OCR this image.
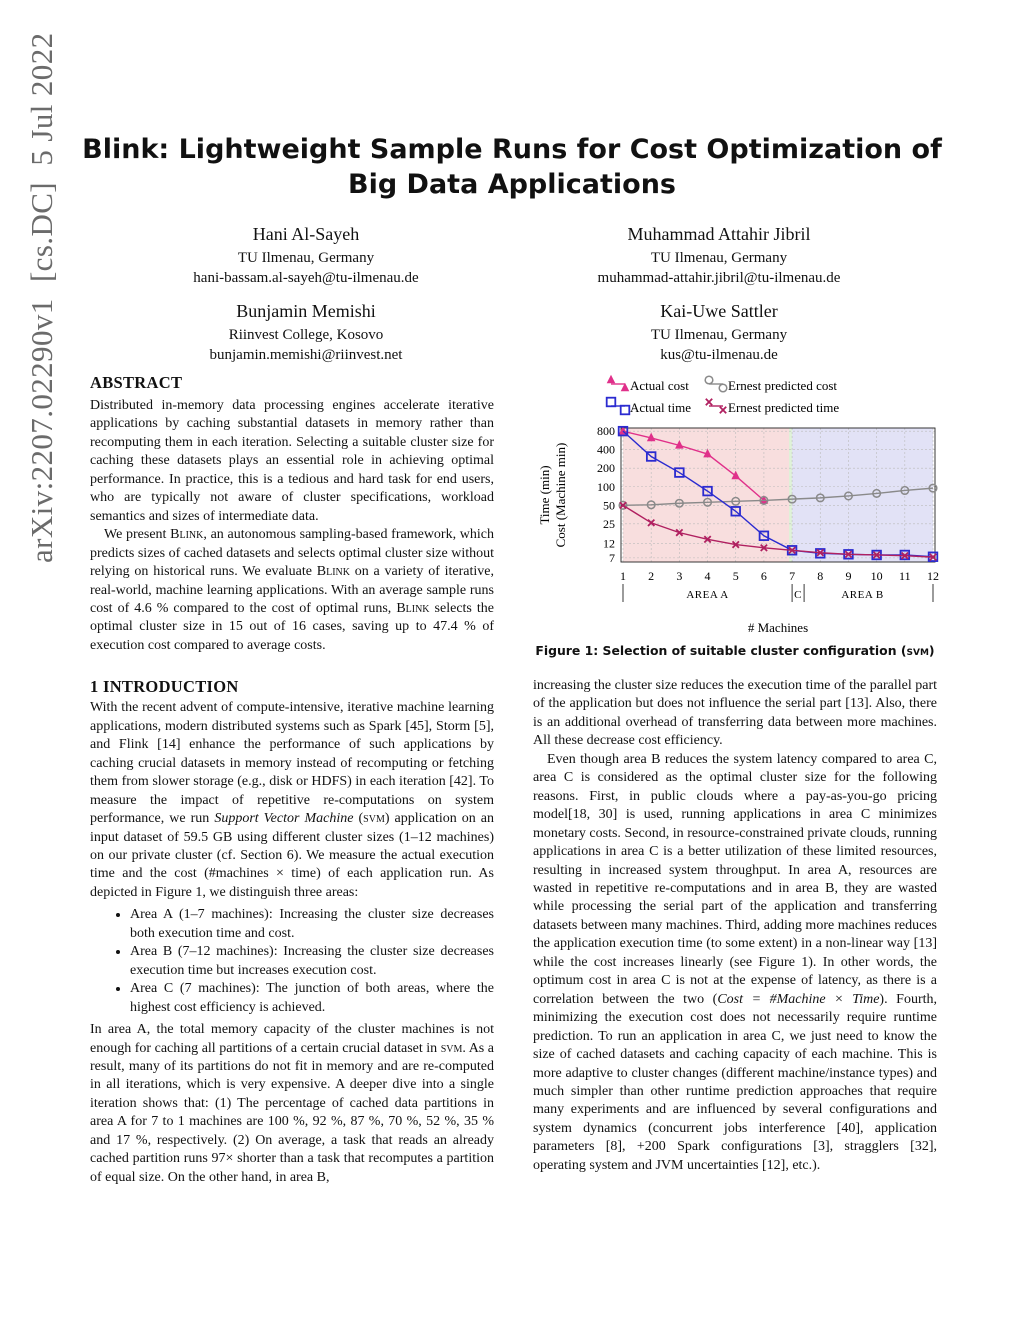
arXiv:2207.02290v1  [cs.DC]  5 Jul 2022 Blink: Lightweight Sample Runs for Cost Optimization of Big Data Applications
Hani Al-Sayeh
TU Ilmenau, Germany
hani-bassam.al-sayeh@tu-ilmenau.de
Muhammad Attahir Jibril
TU Ilmenau, Germany
muhammad-attahir.jibril@tu-ilmenau.de
Bunjamin Memishi
Riinvest College, Kosovo
bunjamin.memishi@riinvest.net
Kai-Uwe Sattler
TU Ilmenau, Germany
kus@tu-ilmenau.de
ABSTRACT

Distributed in-memory data processing engines accelerate iterative applications by caching substantial datasets in memory rather than recomputing them in each iteration. Selecting a suitable cluster size for caching these datasets plays an essential role in achieving optimal performance. In practice, this is a tedious and hard task for end users, who are typically not aware of cluster specifications, workload semantics and sizes of intermediate data.

We present Blink, an autonomous sampling-based framework, which predicts sizes of cached datasets and selects optimal cluster size without relying on historical runs. We evaluate Blink on a variety of iterative, real-world, machine learning applications. With an average sample runs cost of 4.6 % compared to the cost of optimal runs, Blink selects the optimal cluster size in 15 out of 16 cases, saving up to 47.4 % of execution cost compared to average costs.

1 INTRODUCTION

With the recent advent of compute-intensive, iterative machine learning applications, modern distributed systems such as Spark [45], Storm [5], and Flink [14] enhance the performance of such applications by caching crucial datasets in memory instead of recomputing or fetching them from slower storage (e.g., disk or HDFS) in each iteration [42]. To measure the impact of repetitive re-computations on system performance, we run Support Vector Machine (svm) application on an input dataset of 59.5 GB using different cluster sizes (1–12 machines) on our private cluster (cf. Section 6). We measure the actual execution time and the cost (#machines × time) of each application run. As depicted in Figure 1, we distinguish three areas:

• Area A (1–7 machines): Increasing the cluster size decreases both execution time and cost.
• Area B (7–12 machines): Increasing the cluster size decreases execution time but increases execution cost.
• Area C (7 machines): The junction of both areas, where the highest cost efficiency is achieved.

In area A, the total memory capacity of the cluster machines is not enough for caching all partitions of a certain crucial dataset in svm. As a result, many of its partitions do not fit in memory and are re-computed in all iterations, which is very expensive. A deeper dive into a single iteration shows that: (1) The percentage of cached data partitions in area A for 7 to 1 machines are 100 %, 92 %, 87 %, 70 %, 52 %, 35 % and 17 %, respectively. (2) On average, a task that reads an already cached partition runs 97× shorter than a task that recomputes a partition of equal size. On the other hand, in area B,

800
400
200
100
50
25
12
7
1 2 3 4 5 6 7 8 9 10 11 12
AREA A	C	AREA B
# Machines
Time (min) Cost (Machine min)
Actual cost	Ernest predicted cost
Actual time	Ernest predicted time
Figure 1: Selection of suitable cluster configuration (svm)

increasing the cluster size reduces the execution time of the parallel part of the application but does not influence the serial part [13]. Also, there is an additional overhead of transferring data between more machines. All these decrease cost efficiency.

Even though area B reduces the system latency compared to area C, area C is considered as the optimal cluster size for the following reasons. First, in public clouds where a pay-as-you-go pricing model[18, 30] is used, running applications in area C minimizes monetary costs. Second, in resource-constrained private clouds, running applications in area C is a better utilization of these limited resources, resulting in increased system throughput. In area A, resources are wasted in repetitive re-computations and in area B, they are wasted while processing the serial part of the application and transferring datasets between many machines. Third, adding more machines reduces the application execution time (to some extent) in a non-linear way [13] while the cost increases linearly (see Figure 1). In other words, the optimum cost in area C is not at the expense of latency, as there is a correlation between the two (Cost = #Machine × Time). Fourth, minimizing the execution cost does not necessarily require runtime prediction. To run an application in area C, we just need to know the size of cached datasets and caching capacity of each machine. This is more adaptive to cluster changes (different machine/instance types) and much simpler than other runtime prediction approaches that require many experiments and are influenced by several configurations and system dynamics (concurrent jobs interference [40], application parameters [8], +200 Spark configurations [3], stragglers [32], operating system and JVM uncertainties [12], etc.).
